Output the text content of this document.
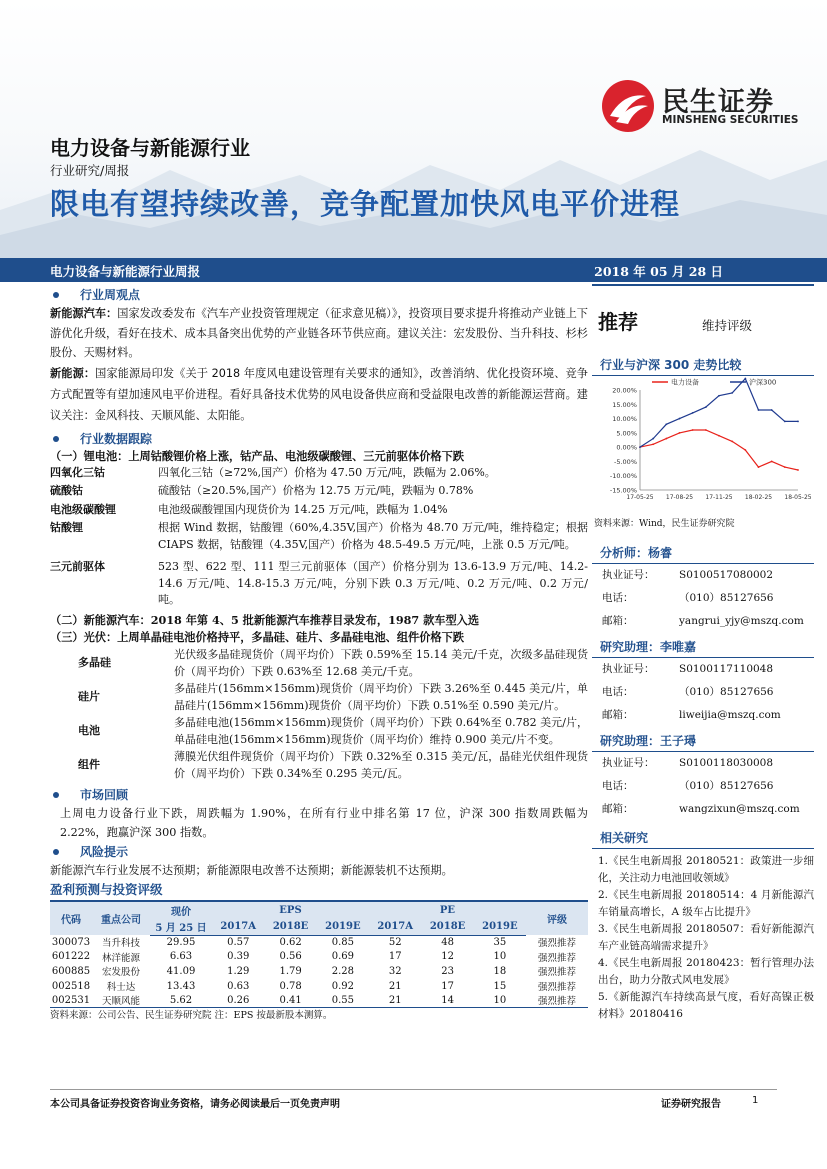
民生证券
MINSHENG SECURITIES
电力设备与新能源行业
行业研究/周报
限电有望持续改善，竞争配置加快风电平价进程
电力设备与新能源行业周报	2018 年 05 月 28 日
行业周观点

新能源汽车：国家发改委发布《汽车产业投资管理规定（征求意见稿）》，投资项目要求提升将推动产业链上下游优化升级，看好在技术、成本具备突出优势的产业链各环节供应商。建议关注：宏发股份、当升科技、杉杉股份、天赐材料。

新能源：国家能源局印发《关于 2018 年度风电建设管理有关要求的通知》，改善消纳、优化投资环境、竞争方式配置等有望加速风电平价进程。看好具备技术优势的风电设备供应商和受益限电改善的新能源运营商。建议关注：金风科技、天顺风能、太阳能。

行业数据跟踪
（一）锂电池：上周钴酸锂价格上涨，钴产品、电池级碳酸锂、三元前驱体价格下跌
四氧化三钴	四氧化三钴（≥72%,国产）价格为 47.50 万元/吨，跌幅为 2.06%。
硫酸钴	硫酸钴（≥20.5%,国产）价格为 12.75 万元/吨，跌幅为 0.78%
电池级碳酸锂	电池级碳酸锂国内现货价为 14.25 万元/吨，跌幅为 1.04%
钴酸锂	根据 Wind 数据，钴酸锂（60%,4.35V,国产）价格为 48.70 万元/吨，维持稳定；根据 CIAPS 数据，钴酸锂（4.35V,国产）价格为 48.5-49.5 万元/吨，上涨 0.5 万元/吨。
三元前驱体	523 型、622 型、111 型三元前驱体（国产）价格分别为 13.6-13.9 万元/吨、14.2-14.6 万元/吨、14.8-15.3 万元/吨，分别下跌 0.3 万元/吨、0.2 万元/吨、0.2 万元/吨。
（二）新能源汽车：2018 年第 4、5 批新能源汽车推荐目录发布，1987 款车型入选
（三）光伏：上周单晶硅电池价格持平，多晶硅、硅片、多晶硅电池、组件价格下跌
多晶硅
光伏级多晶硅现货价（周平均价）下跌 0.59%至 15.14 美元/千克，次级多晶硅现货价（周平均价）下跌 0.63%至 12.68 美元/千克。
硅片
多晶硅片(156mm×156mm)现货价（周平均价）下跌 3.26%至 0.445 美元/片，单晶硅片(156mm×156mm)现货价（周平均价）下跌 0.51%至 0.590 美元/片。
电池
多晶硅电池(156mm×156mm)现货价（周平均价）下跌 0.64%至 0.782 美元/片，单晶硅电池(156mm×156mm)现货价（周平均价）维持 0.900 美元/片不变。
组件
薄膜光伏组件现货价（周平均价）下跌 0.32%至 0.315 美元/瓦，晶硅光伏组件现货价（周平均价）下跌 0.34%至 0.295 美元/瓦。
市场回顾

上周电力设备行业下跌，周跌幅为 1.90%，在所有行业中排名第 17 位，沪深 300 指数周跌幅为 2.22%，跑赢沪深 300 指数。

风险提示

新能源汽车行业发展不达预期；新能源限电改善不达预期；新能源装机不达预期。

盈利预测与投资评级
代码	重点公司	现价	EPS			PE			评级
		5 月 25 日	2017A	2018E	2019E	2017A	2018E	2019E	
300073	当升科技	29.95	0.57	0.62	0.85	52	48	35	强烈推荐
601222	林洋能源	6.63	0.39	0.56	0.69	17	12	10	强烈推荐
600885	宏发股份	41.09	1.29	1.79	2.28	32	23	18	强烈推荐
002518	科士达	13.43	0.63	0.78	0.92	21	17	15	强烈推荐
002531	天顺风能	5.62	0.26	0.41	0.55	21	14	10	强烈推荐
资料来源：公司公告、民生证券研究院 注：EPS 按最新股本测算。
推荐	维持评级
行业与沪深 300 走势比较
20.00%
15.00%
10.00%
5.00%
0.00%
-5.00%
-10.00%
-15.00%
17-05-25 17-08-25 17-11-25 18-02-25 18-05-25
电力设备	沪深300
资料来源：Wind，民生证券研究院
分析师：杨睿
执业证号：	S0100517080002
电话：	（010）85127656
邮箱：	yangrui_yjy@mszq.com
研究助理：李唯嘉
执业证号：	S0100117110048
电话：	（010）85127656
邮箱：	liweijia@mszq.com
研究助理：王子璕
执业证号：	S0100118030008
电话：	（010）85127656
邮箱：	wangzixun@mszq.com
相关研究
1.《民生电新周报 20180521：政策进一步细化，关注动力电池回收领域》
2.《民生电新周报 20180514：4 月新能源汽车销量高增长，A 级车占比提升》
3.《民生电新周报 20180507：看好新能源汽车产业链高端需求提升》
4.《民生电新周报 20180423：暂行管理办法出台，助力分散式风电发展》
5.《新能源汽车持续高景气度，看好高镍正极材料》20180416
本公司具备证券投资咨询业务资格，请务必阅读最后一页免责声明	证券研究报告	1
